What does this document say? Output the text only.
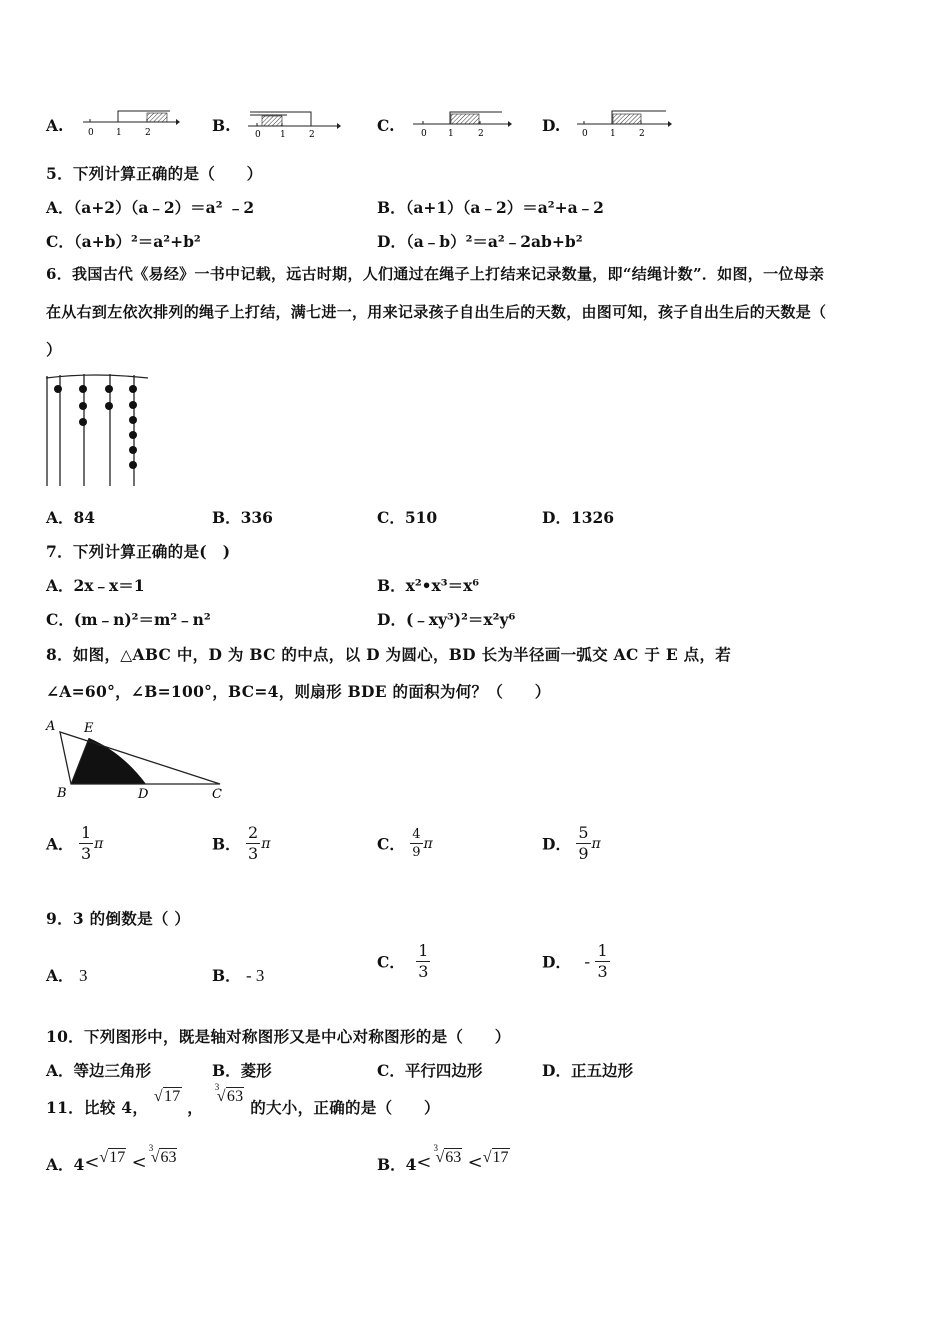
A.	0 1	2	B.	0 1	2	C.	0 1	2	D. 0 1	2
5．下列计算正确的是（　　）
A．（a+2）（a﹣2）＝a² ﹣2	B．（a+1）（a﹣2）＝a²+a﹣2
C．（a+b）²＝a²+b²	D．（a﹣b）²＝a²﹣2ab+b²
6．我国古代《易经》一书中记载，远古时期，人们通过在绳子上打结来记录数量，即“结绳计数”．如图，一位母亲
在从右到左依次排列的绳子上打结，满七进一，用来记录孩子自出生后的天数，由图可知，孩子自出生后的天数是（
）
A．84	B．336	C．510	D．1326
7．下列计算正确的是(　)
A．2x﹣x＝1	B．x²•x³＝x⁶
C．(m﹣n)²＝m²﹣n²	D．(﹣xy³)²＝x²y⁶
8．如图，△ABC 中，D 为 BC 的中点，以 D 为圆心，BD 长为半径画一弧交 AC 于 E 点，若
∠A=60°，∠B=100°，BC=4，则扇形 BDE 的面积为何？（　　）
A E
B	D	C
A． $\frac{1}{3}$ π	B． $\frac{2}{3}$ π	C． $\frac{4}{9}$ π	D． $\frac{5}{9}$ π
9．3 的倒数是（ ）
A． 3	B． - 3
C． $\frac{1}{3}$	D． - $\frac{1}{3}$
10．下列图形中，既是轴对称图形又是中心对称图形的是（　　）
A．等边三角形	B．菱形	C．平行四边形	D．正五边形
11．比较 4， √17 ，
3
√63 的大小，正确的是（　　）
A．4<√17 <
3
√63	B．4<
3
√63 <√17
